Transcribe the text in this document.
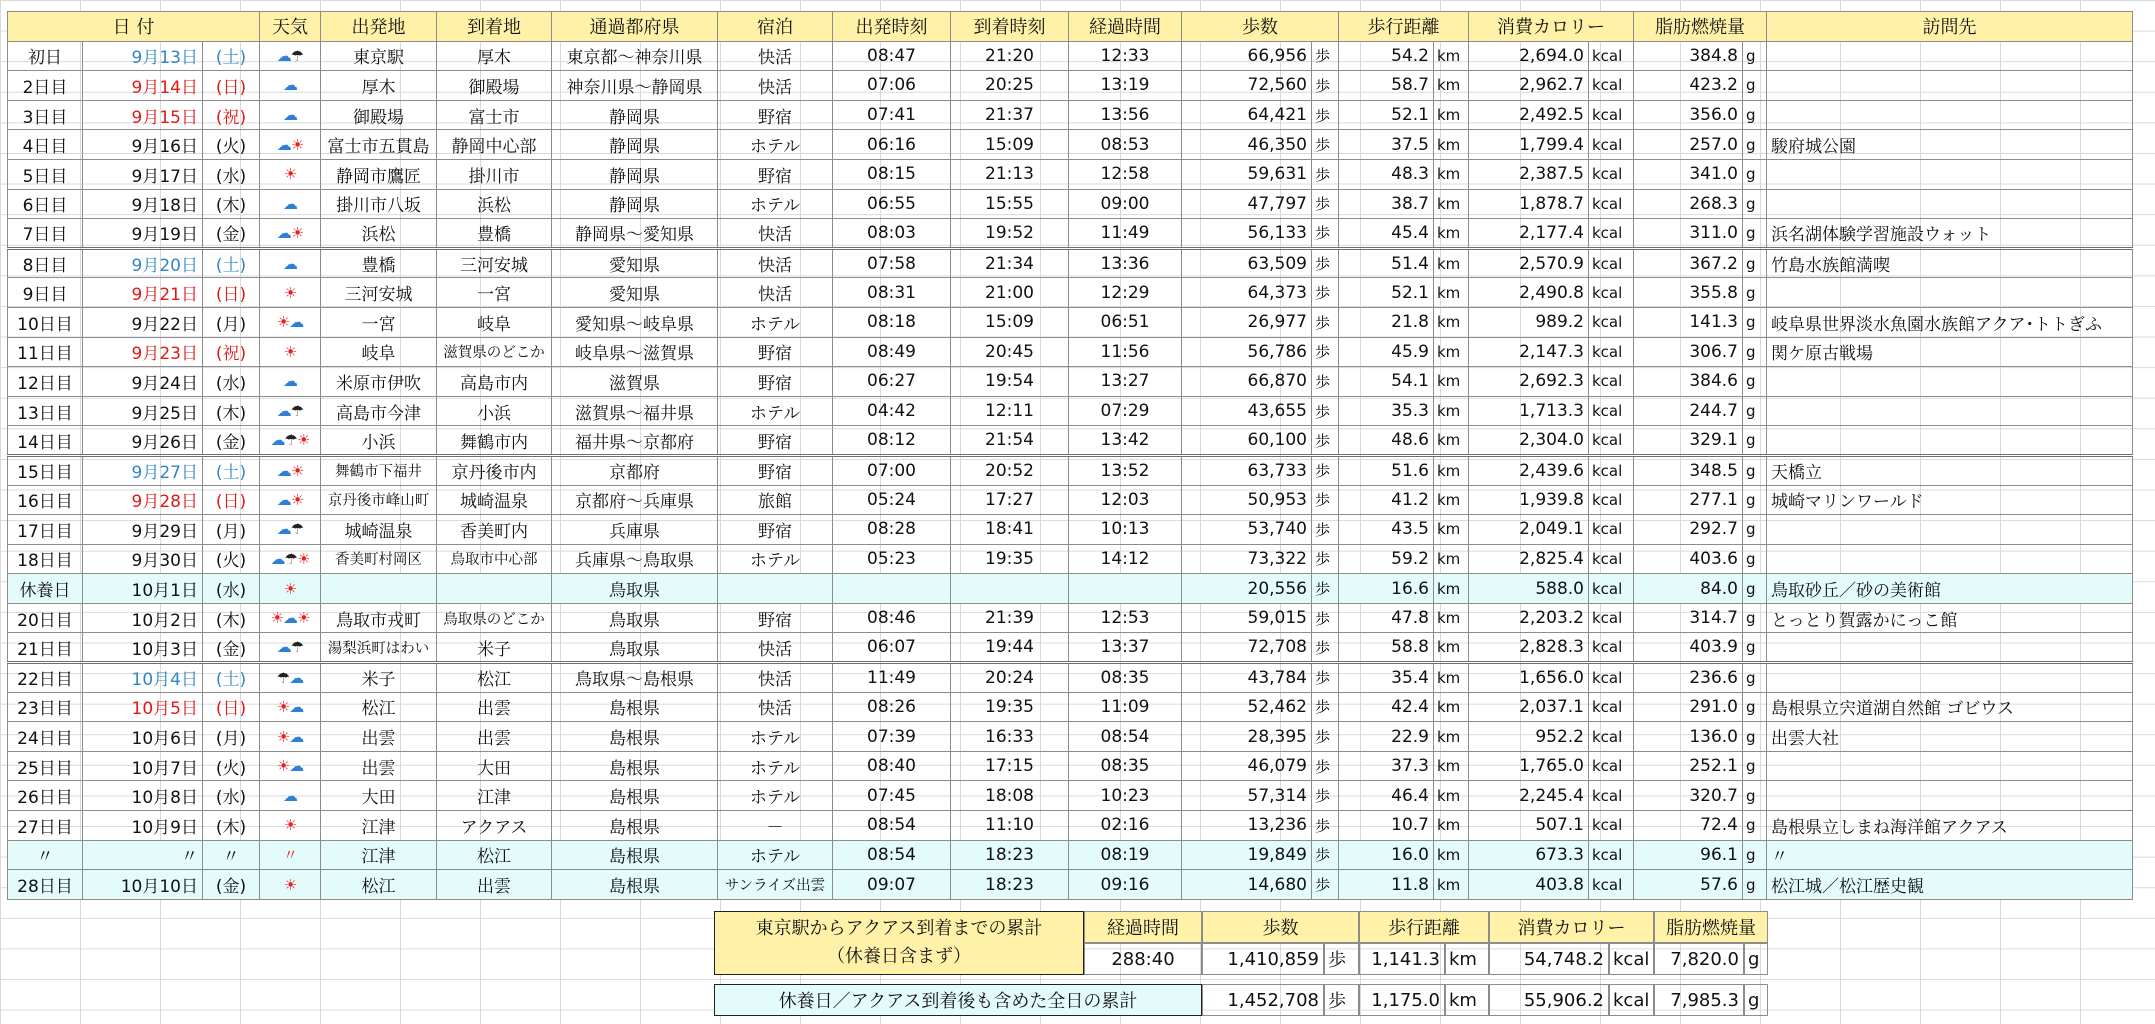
日 付			天気	出発地	到着地	通過都府県	宿泊	出発時刻	到着時刻	経過時間	歩数		歩行距離		消費カロリー		脂肪燃焼量		訪問先
初日	9月13日	(土)	☁☂	東京駅	厚木	東京都～神奈川県	快活	08:47	21:20	12:33	66,956	歩	54.2	km	2,694.0	kcal	384.8	g	
2日目	9月14日	(日)	☁	厚木	御殿場	神奈川県～静岡県	快活	07:06	20:25	13:19	72,560	歩	58.7	km	2,962.7	kcal	423.2	g	
3日目	9月15日	(祝)	☁	御殿場	富士市	静岡県	野宿	07:41	21:37	13:56	64,421	歩	52.1	km	2,492.5	kcal	356.0	g	
4日目	9月16日	(火)	☁☀	富士市五貫島	静岡中心部	静岡県	ホテル	06:16	15:09	08:53	46,350	歩	37.5	km	1,799.4	kcal	257.0	g	駿府城公園
5日目	9月17日	(水)	☀	静岡市鷹匠	掛川市	静岡県	野宿	08:15	21:13	12:58	59,631	歩	48.3	km	2,387.5	kcal	341.0	g	
6日目	9月18日	(木)	☁	掛川市八坂	浜松	静岡県	ホテル	06:55	15:55	09:00	47,797	歩	38.7	km	1,878.7	kcal	268.3	g	
7日目	9月19日	(金)	☁☀	浜松	豊橋	静岡県～愛知県	快活	08:03	19:52	11:49	56,133	歩	45.4	km	2,177.4	kcal	311.0	g	浜名湖体験学習施設ウォット
8日目	9月20日	(土)	☁	豊橋	三河安城	愛知県	快活	07:58	21:34	13:36	63,509	歩	51.4	km	2,570.9	kcal	367.2	g	竹島水族館満喫
9日目	9月21日	(日)	☀	三河安城	一宮	愛知県	快活	08:31	21:00	12:29	64,373	歩	52.1	km	2,490.8	kcal	355.8	g	
10日目	9月22日	(月)	☀☁	一宮	岐阜	愛知県～岐阜県	ホテル	08:18	15:09	06:51	26,977	歩	21.8	km	989.2	kcal	141.3	g	岐阜県世界淡水魚園水族館アクア･トトぎふ
11日目	9月23日	(祝)	☀	岐阜	滋賀県のどこか	岐阜県～滋賀県	野宿	08:49	20:45	11:56	56,786	歩	45.9	km	2,147.3	kcal	306.7	g	関ケ原古戦場
12日目	9月24日	(水)	☁	米原市伊吹	高島市内	滋賀県	野宿	06:27	19:54	13:27	66,870	歩	54.1	km	2,692.3	kcal	384.6	g	
13日目	9月25日	(木)	☁☂	高島市今津	小浜	滋賀県～福井県	ホテル	04:42	12:11	07:29	43,655	歩	35.3	km	1,713.3	kcal	244.7	g	
14日目	9月26日	(金)	☁☂☀	小浜	舞鶴市内	福井県～京都府	野宿	08:12	21:54	13:42	60,100	歩	48.6	km	2,304.0	kcal	329.1	g	
15日目	9月27日	(土)	☁☀	舞鶴市下福井	京丹後市内	京都府	野宿	07:00	20:52	13:52	63,733	歩	51.6	km	2,439.6	kcal	348.5	g	天橋立
16日目	9月28日	(日)	☁☀	京丹後市峰山町	城崎温泉	京都府～兵庫県	旅館	05:24	17:27	12:03	50,953	歩	41.2	km	1,939.8	kcal	277.1	g	城崎マリンワールド
17日目	9月29日	(月)	☁☂	城崎温泉	香美町内	兵庫県	野宿	08:28	18:41	10:13	53,740	歩	43.5	km	2,049.1	kcal	292.7	g	
18日目	9月30日	(火)	☁☂☀	香美町村岡区	鳥取市中心部	兵庫県～鳥取県	ホテル	05:23	19:35	14:12	73,322	歩	59.2	km	2,825.4	kcal	403.6	g	
休養日	10月1日	(水)	☀			鳥取県					20,556	歩	16.6	km	588.0	kcal	84.0	g	鳥取砂丘／砂の美術館
20日目	10月2日	(木)	☀☁☀	鳥取市戎町	鳥取県のどこか	鳥取県	野宿	08:46	21:39	12:53	59,015	歩	47.8	km	2,203.2	kcal	314.7	g	とっとり賀露かにっこ館
21日目	10月3日	(金)	☁☂	湯梨浜町はわい	米子	鳥取県	快活	06:07	19:44	13:37	72,708	歩	58.8	km	2,828.3	kcal	403.9	g	
22日目	10月4日	(土)	☂☁	米子	松江	鳥取県～島根県	快活	11:49	20:24	08:35	43,784	歩	35.4	km	1,656.0	kcal	236.6	g	
23日目	10月5日	(日)	☀☁	松江	出雲	島根県	快活	08:26	19:35	11:09	52,462	歩	42.4	km	2,037.1	kcal	291.0	g	島根県立宍道湖自然館 ゴビウス
24日目	10月6日	(月)	☀☁	出雲	出雲	島根県	ホテル	07:39	16:33	08:54	28,395	歩	22.9	km	952.2	kcal	136.0	g	出雲大社
25日目	10月7日	(火)	☀☁	出雲	大田	島根県	ホテル	08:40	17:15	08:35	46,079	歩	37.3	km	1,765.0	kcal	252.1	g	
26日目	10月8日	(水)	☁	大田	江津	島根県	ホテル	07:45	18:08	10:23	57,314	歩	46.4	km	2,245.4	kcal	320.7	g	
27日目	10月9日	(木)	☀	江津	アクアス	島根県	－	08:54	11:10	02:16	13,236	歩	10.7	km	507.1	kcal	72.4	g	島根県立しまね海洋館アクアス
〃	〃	〃	〃	江津	松江	島根県	ホテル	08:54	18:23	08:19	19,849	歩	16.0	km	673.3	kcal	96.1	g	〃
28日目	10月10日	(金)	☀	松江	出雲	島根県	サンライズ出雲	09:07	18:23	09:16	14,680	歩	11.8	km	403.8	kcal	57.6	g	松江城／松江歴史観
東京駅からアクアス到着までの累計
（休養日含まず）
経過時間	歩数	歩行距離	消費カロリー	脂肪燃焼量
288:40	1,410,859 歩	1,141.3 km	54,748.2 kcal	7,820.0 g
休養日／アクアス到着後も含めた全日の累計	1,452,708 歩	1,175.0 km	55,906.2 kcal	7,985.3 g
